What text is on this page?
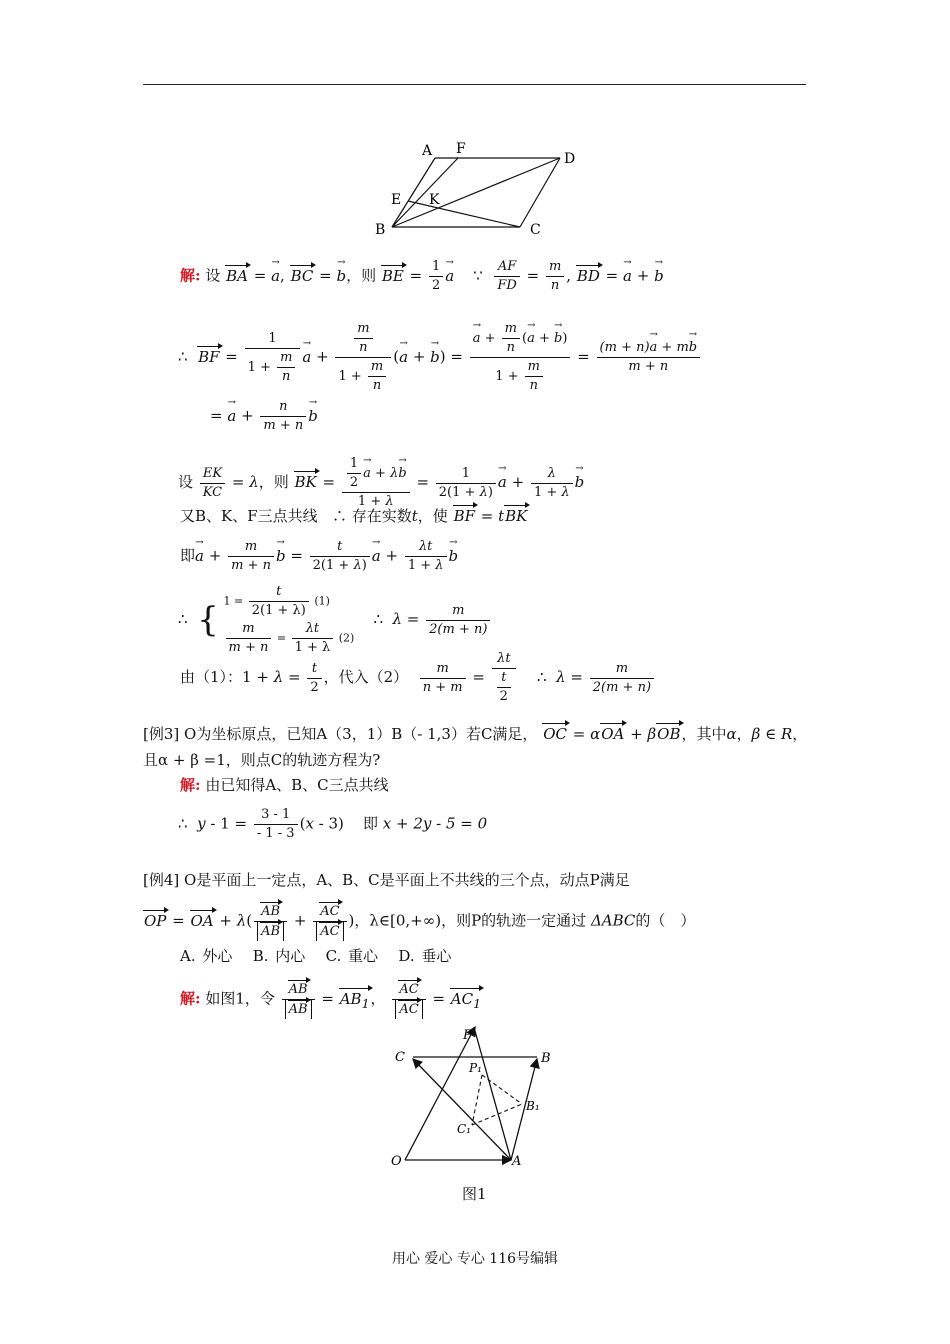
A F
D
E K
B	C
解: 设 BA = → a, BC = → b，则 BE = $\frac{1}{2}$
→ a ∵ $\frac{AF}{FD} = \frac{m}{n}$ , BD = → a + → b
∴ BF = $\frac{1}{1 + \frac{m}{n}}$
→ $a + \frac{\frac{m}{n}}{1 + \frac{m}{n}}$ (→ a + → b) =
→ $\frac{a + \frac{m}{n} (\to a + \to b)}{1 + \frac{m}{n}} = \frac{(m + n)\to a + m\to b}{m + n}$
= → $a + \frac{n}{m + n}$
→ b
设 $\frac{EK}{KC} = \lambda$，则 BK = $\frac{1}{2}$
→ a + λ→ b
$1 + \lambda = \frac{1}{2(1 + \lambda)}$
→ $a + \frac{\lambda}{1 + \lambda}$
→ b
又B、K、F三点共线 ∴ 存在实数t，使 BF = tBK
即→ $a + \frac{m}{m + n}$
→ $b = \frac{t}{2(1 + \lambda)}$
→ $a + \frac{\lambda t}{1 + \lambda}$
→ b
∴ { $1 = \frac{t}{2(1 + \lambda)} (1)$

$\frac{m}{m + n} = \frac{\lambda t}{1 + \lambda} (2)$    ∴ $\lambda = \frac{m}{2(m + n)}$
由（1）：$1 + \lambda = \frac{t}{2}$ ，代入$(2) \frac{m}{n + m} = \frac{\lambda t}{\frac{t}{2}}$ ∴ $\lambda = \frac{m}{2(m + n)}$
[例3] O为坐标原点，已知A（3，1）B（- 1,3）若C满足， OC = αOA + βOB，其中α，β ∈ R，
且α + β =1，则点C的轨迹方程为?
解: 由已知得A、B、C三点共线
∴ $y - 1 = \frac{3 - 1}{- 1 - 3} (x - 3)$    即 x + 2y - 5 = 0
[例4] O是平面上一定点，A、B、C是平面上不共线的三个点，动点P满足
OP = OA + $\lambda( \frac{AB}{AB} + \frac{AC}{AC}$ )，λ∈[0,+∞)，则P的轨迹一定通过 ΔABC的（　）
A. 外心 B. 内心 C. 重心 D. 垂心
解: 如图1，令 $\frac{AB}{AB} = AB_1$， $\frac{AC}{AC} = AC_1$
P
C	B
P₁
B₁
C₁
O	A
图1
用心 爱心 专心 116号编辑
